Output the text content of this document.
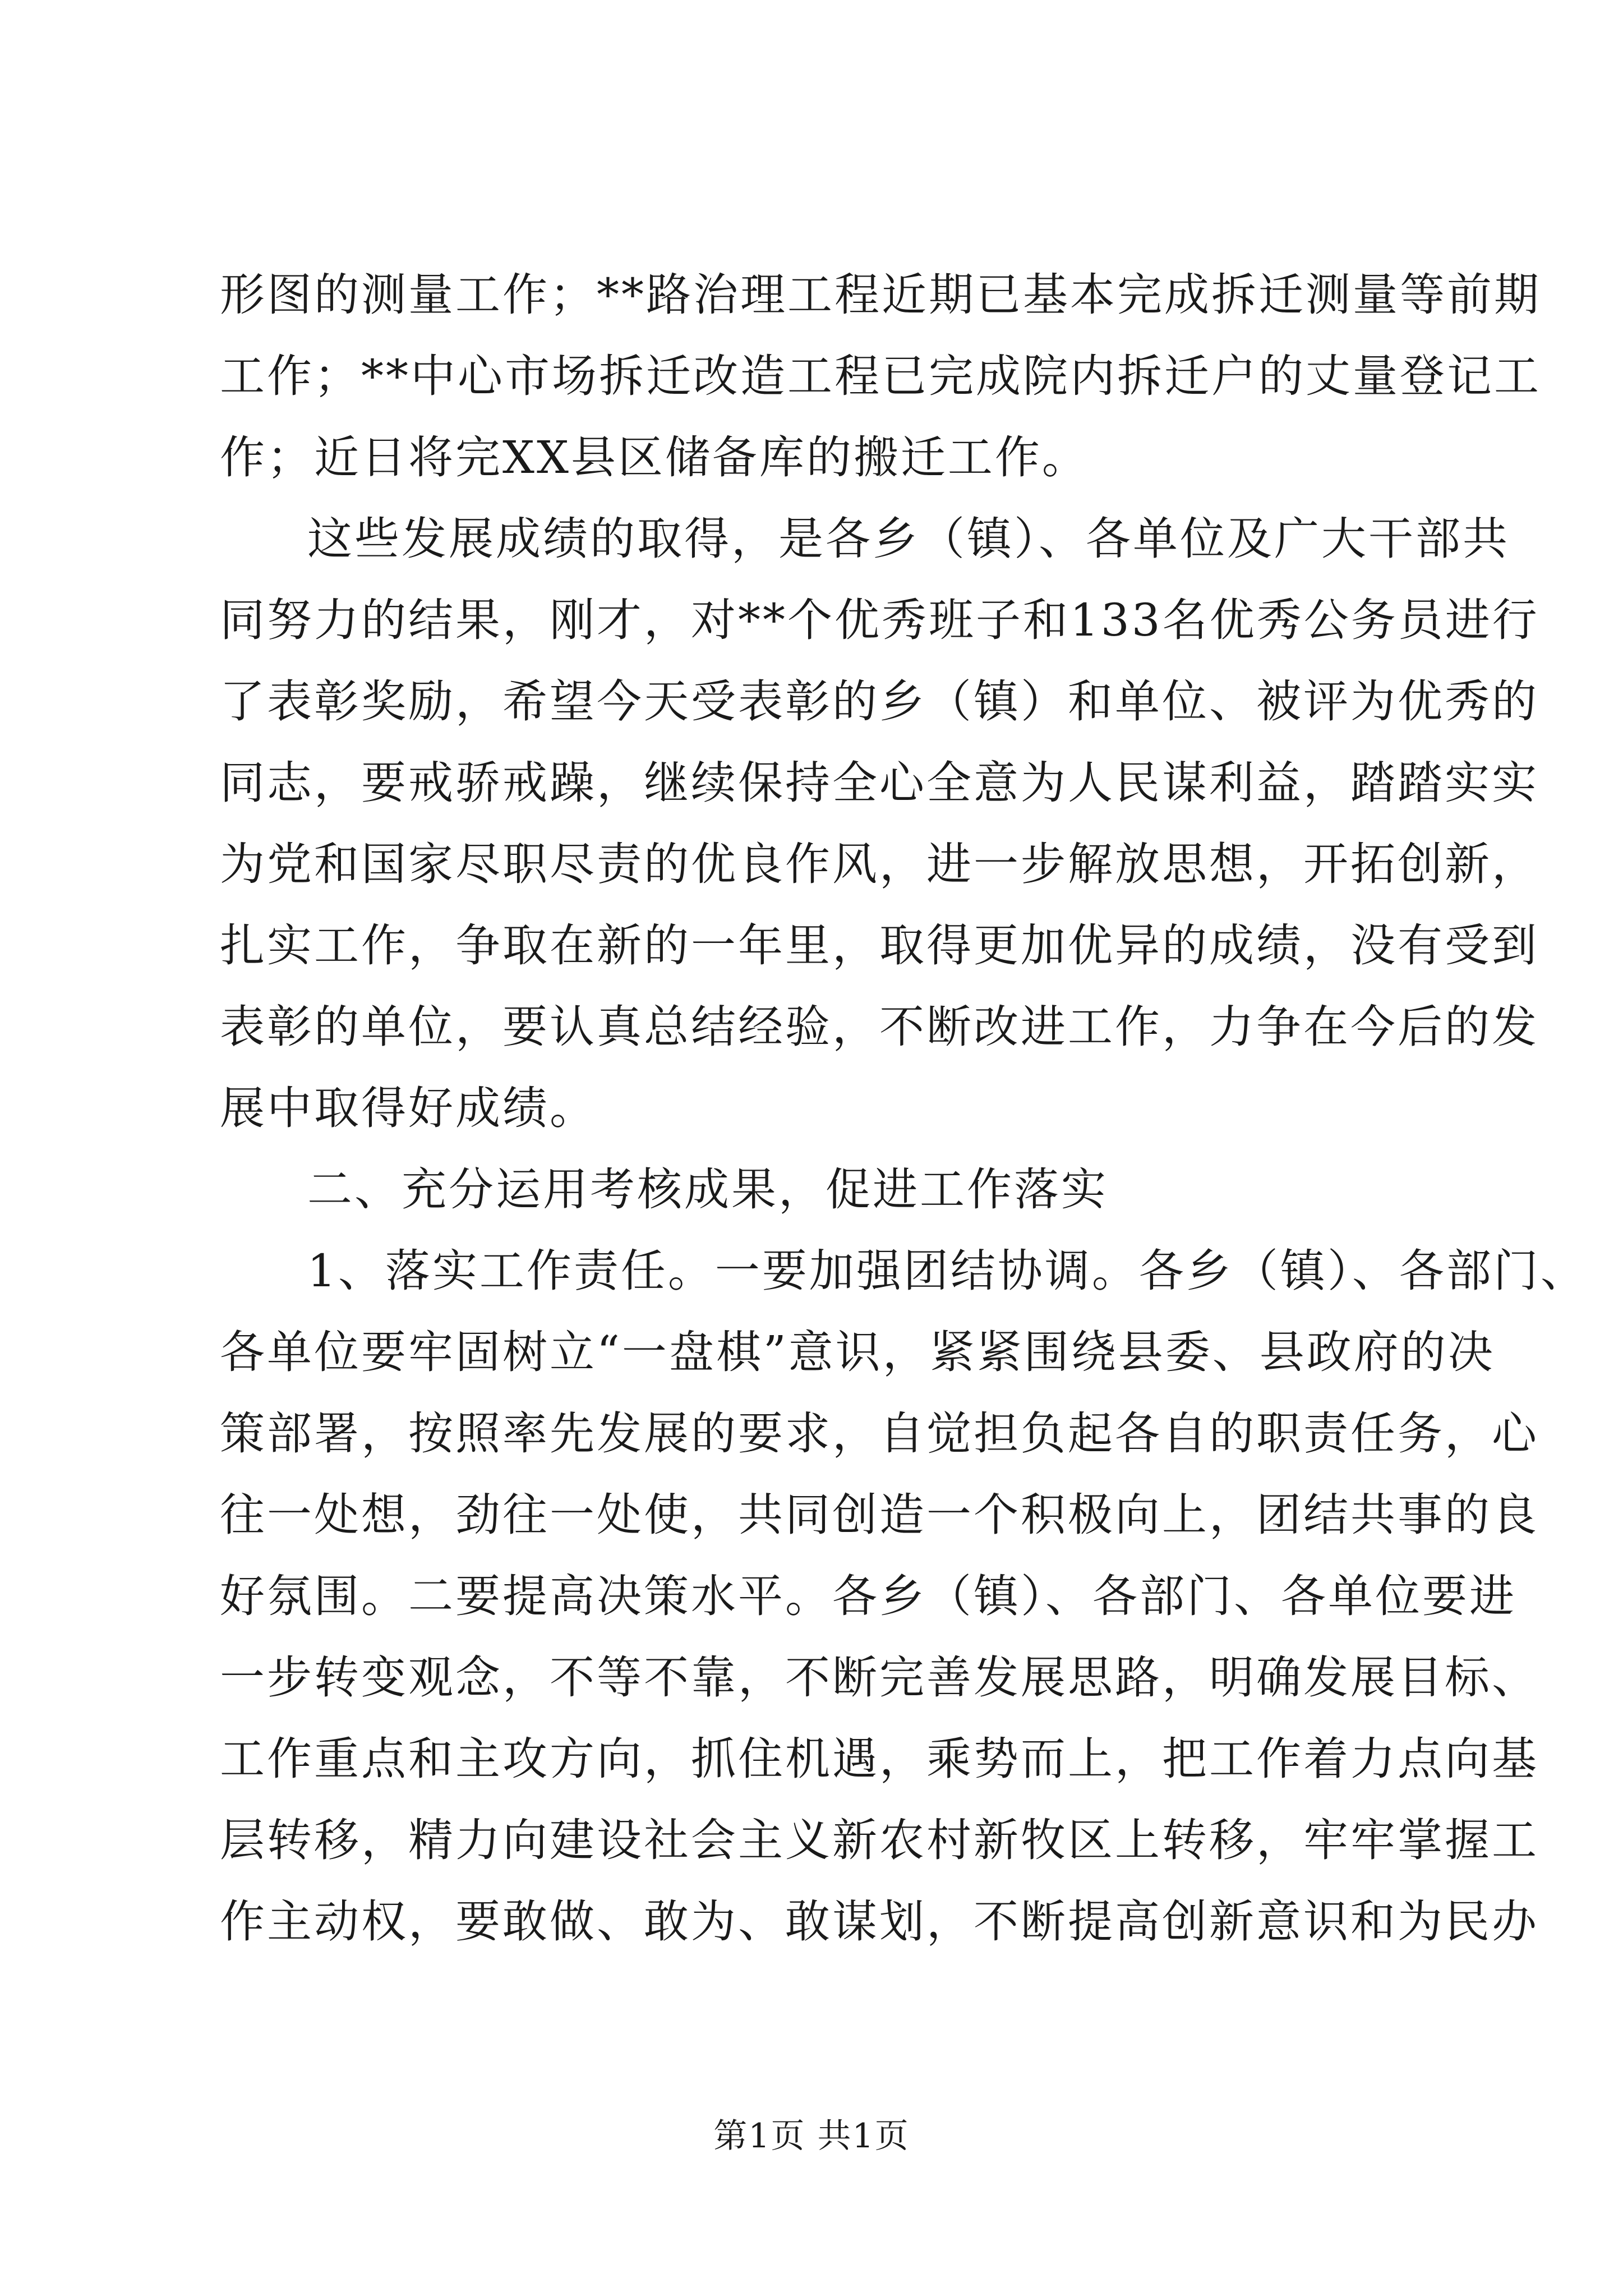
形图的测量工作；**路治理工程近期已基本完成拆迁测量等前期
工作；**中心市场拆迁改造工程已完成院内拆迁户的丈量登记工
作；近日将完XX县区储备库的搬迁工作。
这些发展成绩的取得，是各乡（镇）、各单位及广大干部共
同努力的结果，刚才，对**个优秀班子和133名优秀公务员进行
了表彰奖励，希望今天受表彰的乡（镇）和单位、被评为优秀的
同志，要戒骄戒躁，继续保持全心全意为人民谋利益，踏踏实实
为党和国家尽职尽责的优良作风，进一步解放思想，开拓创新，
扎实工作，争取在新的一年里，取得更加优异的成绩，没有受到
表彰的单位，要认真总结经验，不断改进工作，力争在今后的发
展中取得好成绩。
二、充分运用考核成果，促进工作落实
1、落实工作责任。一要加强团结协调。各乡（镇）、各部门、
各单位要牢固树立“一盘棋”意识，紧紧围绕县委、县政府的决
策部署，按照率先发展的要求，自觉担负起各自的职责任务，心
往一处想，劲往一处使，共同创造一个积极向上，团结共事的良
好氛围。二要提高决策水平。各乡（镇）、各部门、各单位要进
一步转变观念，不等不靠，不断完善发展思路，明确发展目标、
工作重点和主攻方向，抓住机遇，乘势而上，把工作着力点向基
层转移，精力向建设社会主义新农村新牧区上转移，牢牢掌握工
作主动权，要敢做、敢为、敢谋划，不断提高创新意识和为民办
第1页 共1页
